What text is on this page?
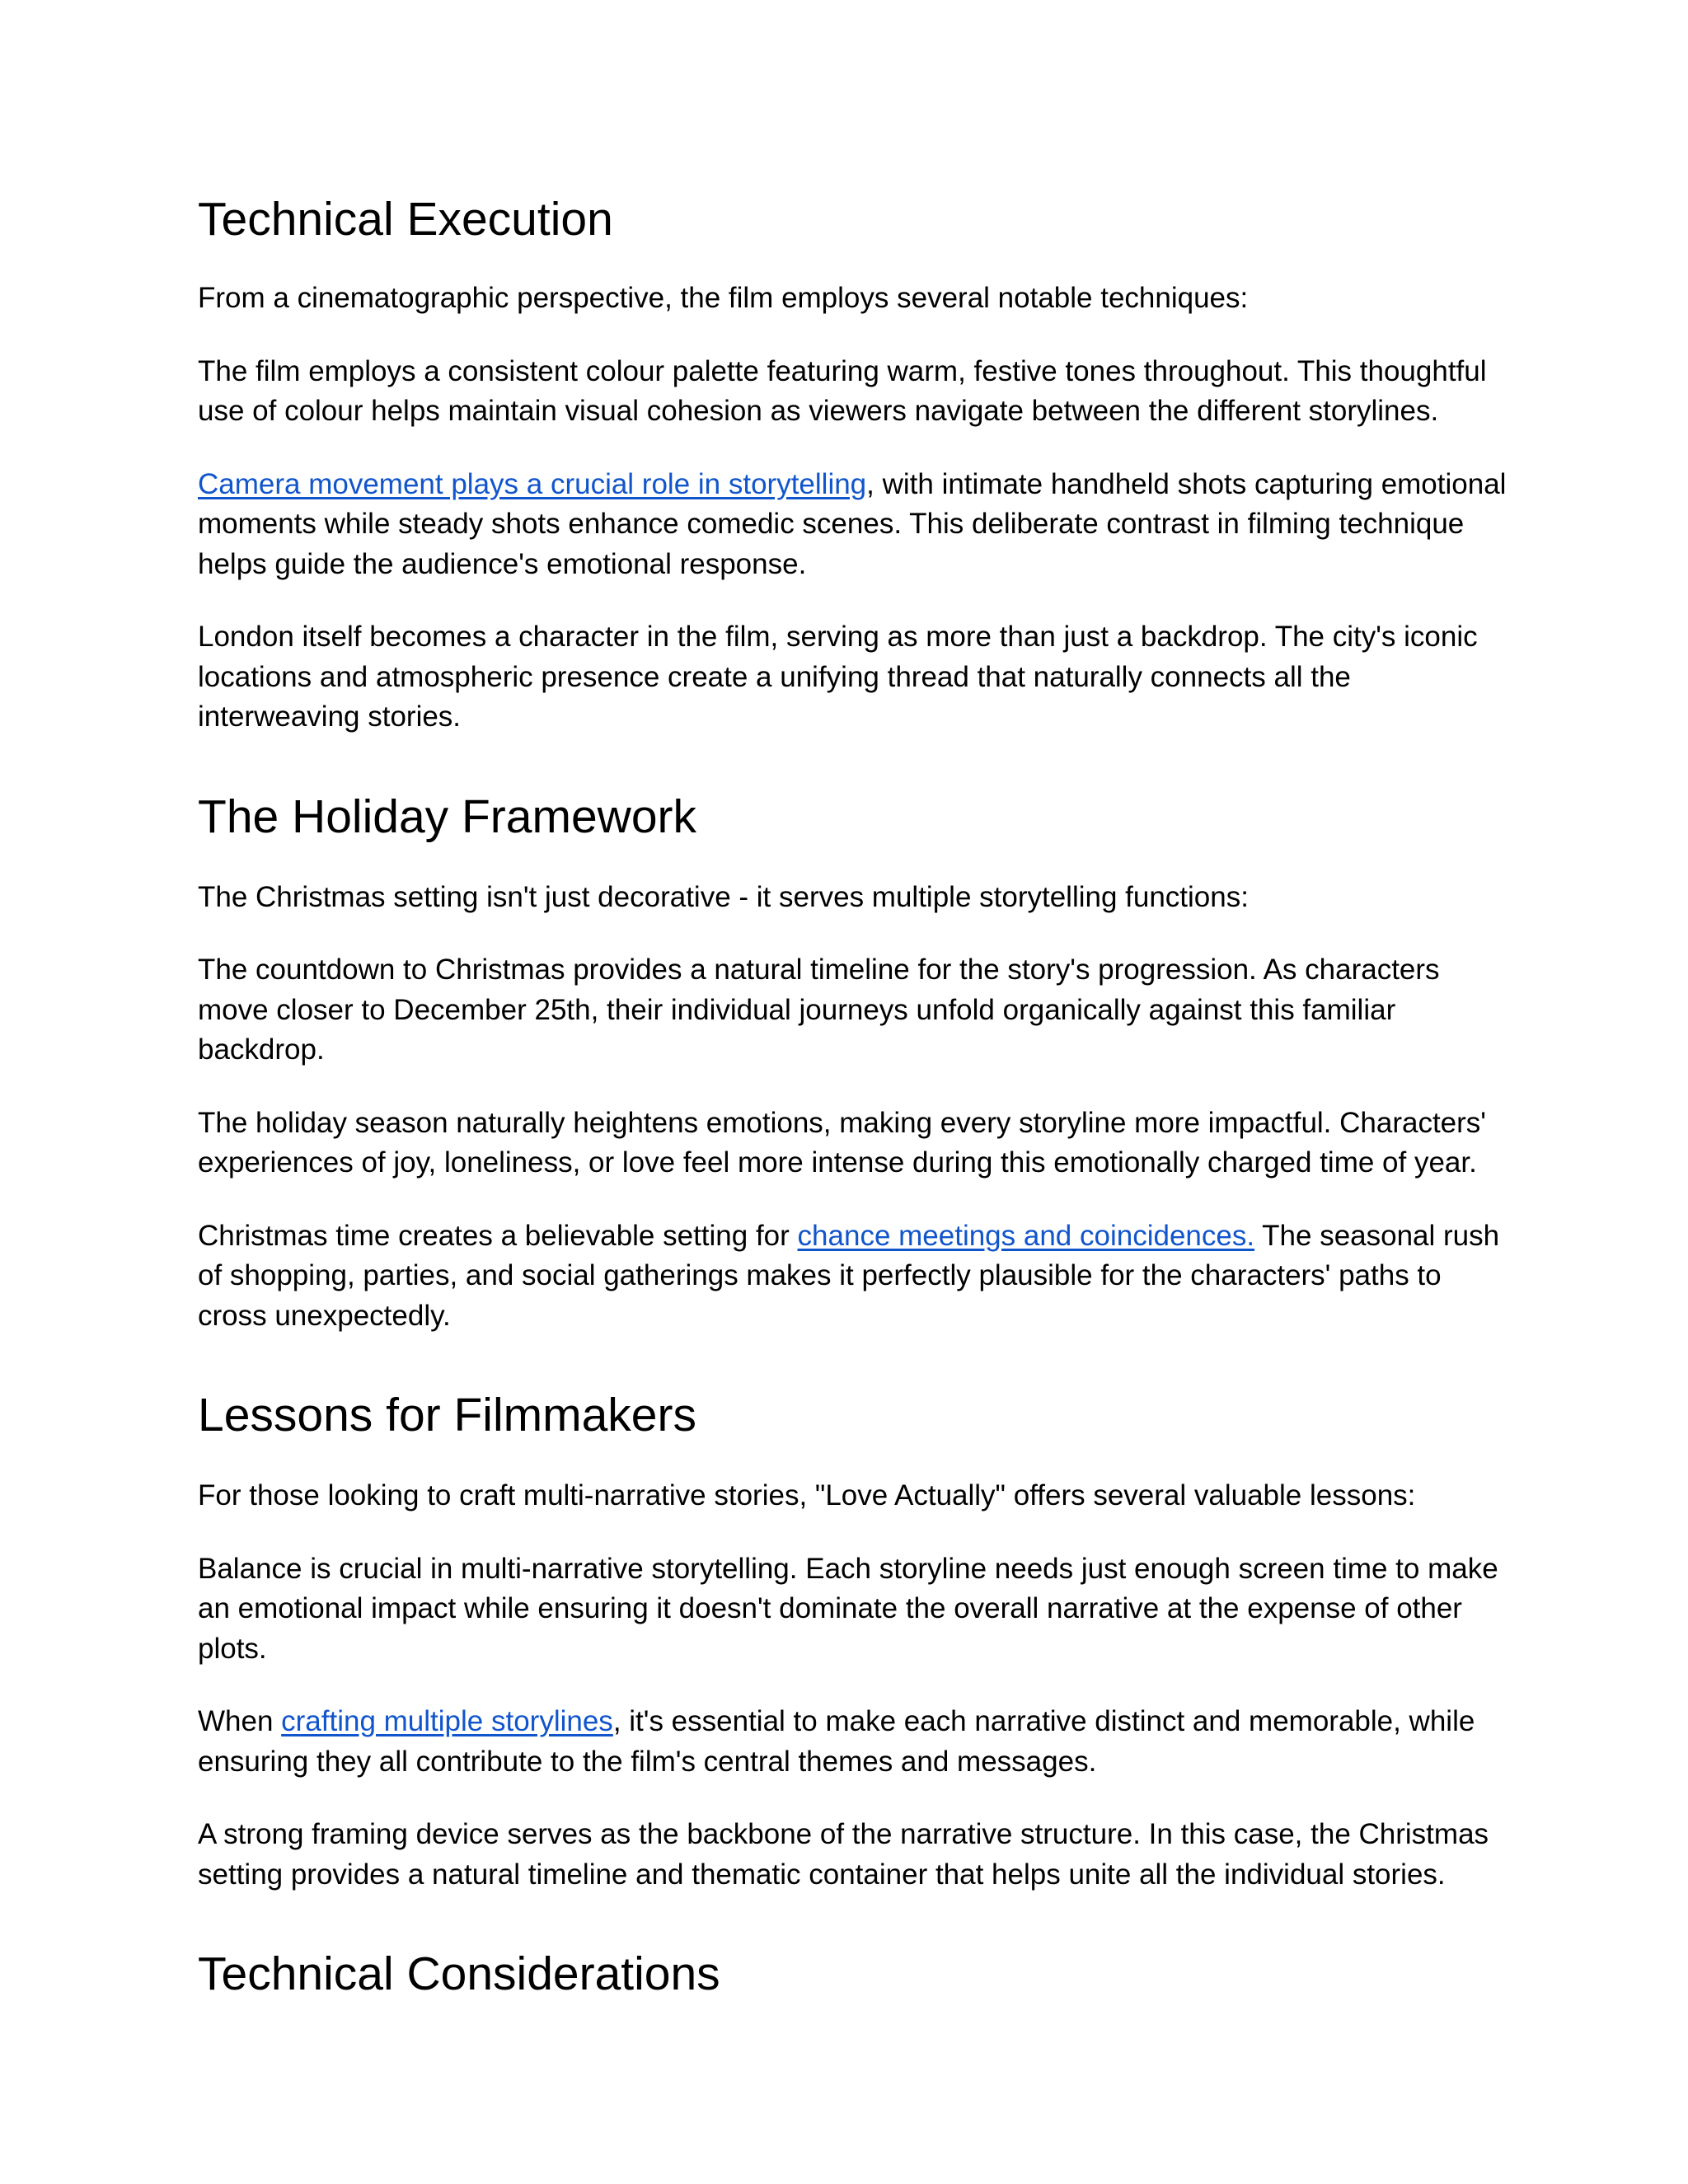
Technical Execution

From a cinematographic perspective, the film employs several notable techniques:

The film employs a consistent colour palette featuring warm, festive tones throughout. This thoughtful use of colour helps maintain visual cohesion as viewers navigate between the different storylines.

Camera movement plays a crucial role in storytelling, with intimate handheld shots capturing emotional moments while steady shots enhance comedic scenes. This deliberate contrast in filming technique helps guide the audience's emotional response.

London itself becomes a character in the film, serving as more than just a backdrop. The city's iconic locations and atmospheric presence create a unifying thread that naturally connects all the interweaving stories.

The Holiday Framework

The Christmas setting isn't just decorative - it serves multiple storytelling functions:

The countdown to Christmas provides a natural timeline for the story's progression. As characters move closer to December 25th, their individual journeys unfold organically against this familiar backdrop.

The holiday season naturally heightens emotions, making every storyline more impactful. Characters' experiences of joy, loneliness, or love feel more intense during this emotionally charged time of year.

Christmas time creates a believable setting for chance meetings and coincidences. The seasonal rush of shopping, parties, and social gatherings makes it perfectly plausible for the characters' paths to cross unexpectedly.

Lessons for Filmmakers

For those looking to craft multi-narrative stories, "Love Actually" offers several valuable lessons:

Balance is crucial in multi-narrative storytelling. Each storyline needs just enough screen time to make an emotional impact while ensuring it doesn't dominate the overall narrative at the expense of other plots.

When crafting multiple storylines, it's essential to make each narrative distinct and memorable, while ensuring they all contribute to the film's central themes and messages.

A strong framing device serves as the backbone of the narrative structure. In this case, the Christmas setting provides a natural timeline and thematic container that helps unite all the individual stories.

Technical Considerations
